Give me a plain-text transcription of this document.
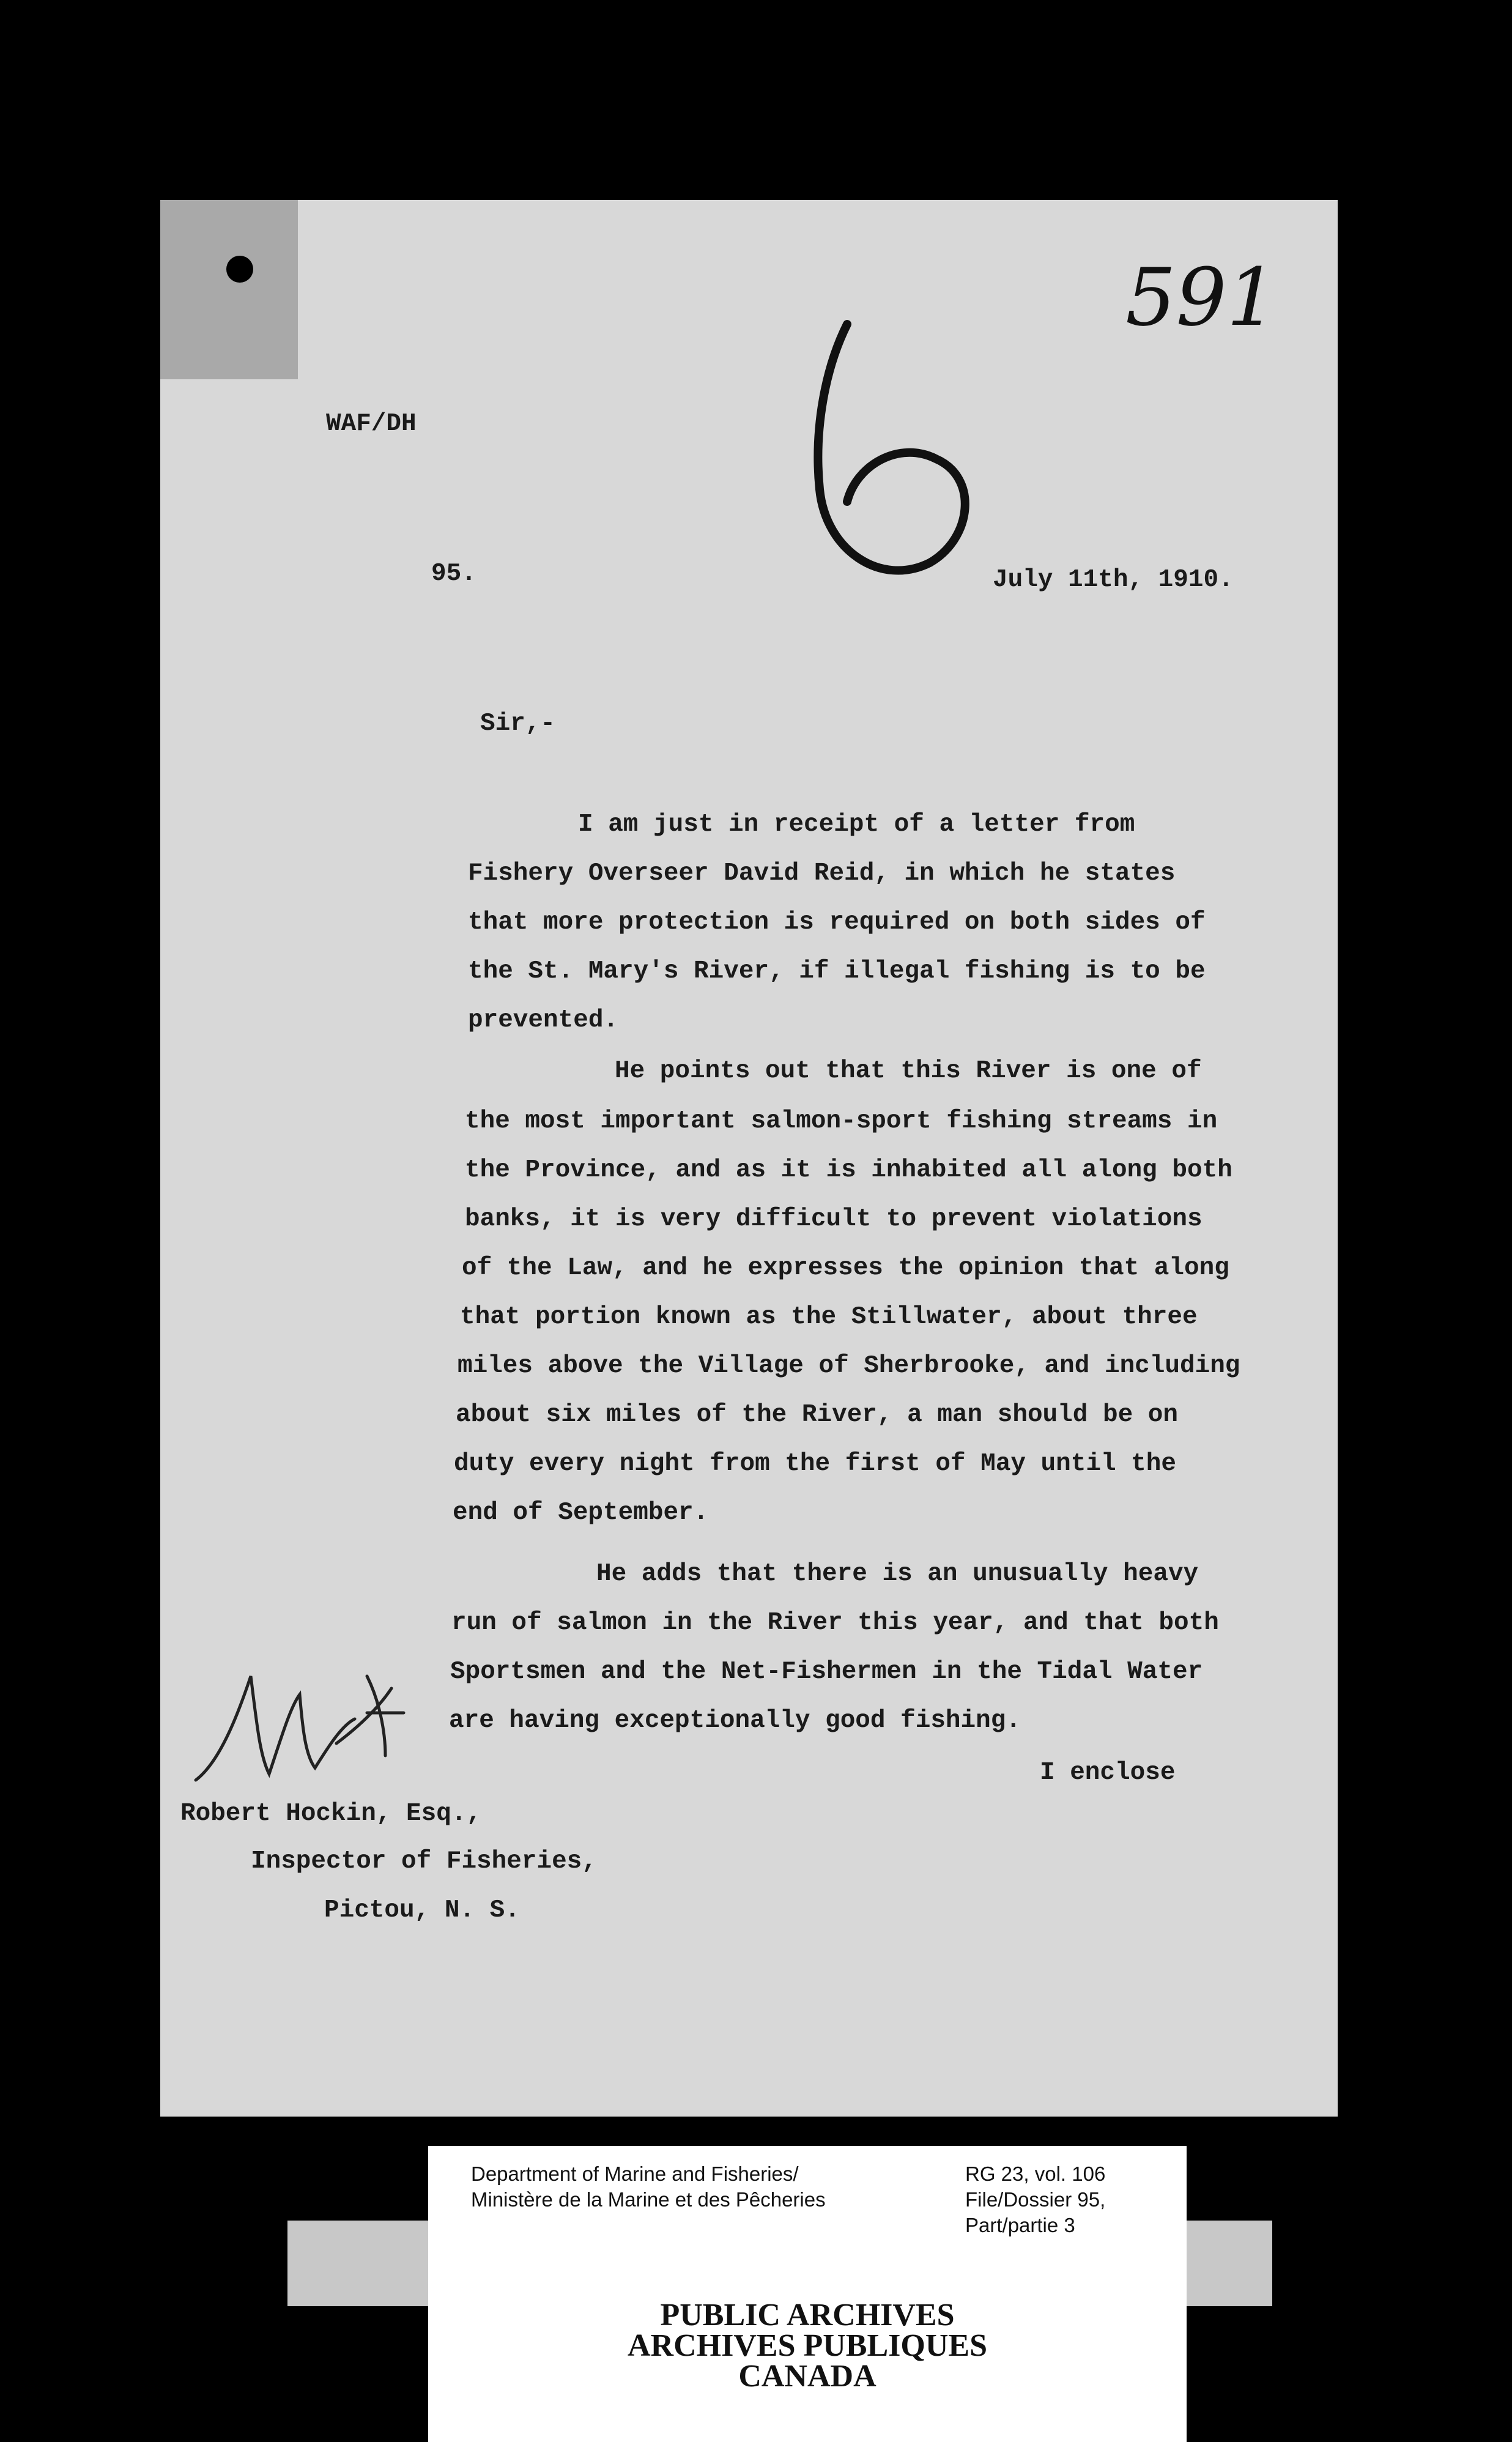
591
WAF/DH
95.	July 11th, 1910.
Sir,-
I am just in receipt of a letter from
Fishery Overseer David Reid, in which he states
that more protection is required on both sides of
the St. Mary's River, if illegal fishing is to be
prevented.
He points out that this River is one of
the most important salmon-sport fishing streams in
the Province, and as it is inhabited all along both
banks, it is very difficult to prevent violations
of the Law, and he expresses the opinion that along
that portion known as the Stillwater, about three
miles above the Village of Sherbrooke, and including
about six miles of the River, a man should be on
duty every night from the first of May until the
end of September.
He adds that there is an unusually heavy
run of salmon in the River this year, and that both
Sportsmen and the Net-Fishermen in the Tidal Water
are having exceptionally good fishing.
I enclose
Robert Hockin, Esq.,
Inspector of Fisheries,
Pictou, N. S.
Department of Marine and Fisheries/
Ministère de la Marine et des Pêcheries
RG 23, vol. 106
File/Dossier 95,
Part/partie 3
PUBLIC ARCHIVES
ARCHIVES PUBLIQUES
CANADA
